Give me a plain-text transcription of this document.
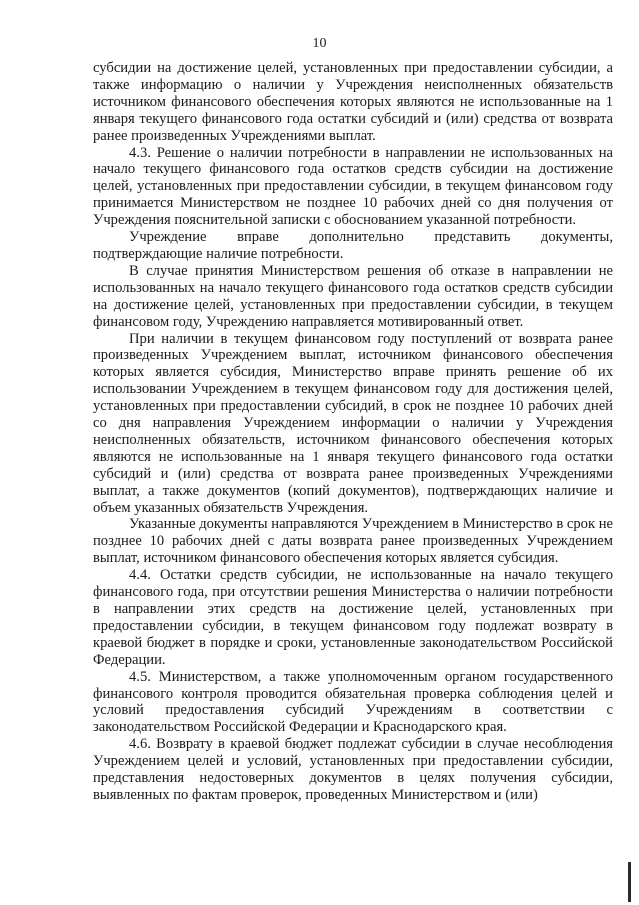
10

субсидии на достижение целей, установленных при предоставлении субсидии, а также информацию о наличии у Учреждения неисполненных обязательств источником финансового обеспечения которых являются не использованные на 1 января текущего финансового года остатки субсидий и (или) средства от возврата ранее произведенных Учреждениями выплат.

4.3. Решение о наличии потребности в направлении не использованных на начало текущего финансового года остатков средств субсидии на достижение целей, установленных при предоставлении субсидии, в текущем финансовом году принимается Министерством не позднее 10 рабочих дней со дня получения от Учреждения пояснительной записки с обоснованием указанной потребности.

Учреждение вправе дополнительно представить документы, подтверждающие наличие потребности.

В случае принятия Министерством решения об отказе в направлении не использованных на начало текущего финансового года остатков средств субсидии на достижение целей, установленных при предоставлении субсидии, в текущем финансовом году, Учреждению направляется мотивированный ответ.

При наличии в текущем финансовом году поступлений от возврата ранее произведенных Учреждением выплат, источником финансового обеспечения которых является субсидия, Министерство вправе принять решение об их использовании Учреждением в текущем финансовом году для достижения целей, установленных при предоставлении субсидий, в срок не позднее 10 рабочих дней со дня направления Учреждением информации о наличии у Учреждения неисполненных обязательств, источником финансового обеспечения которых являются не использованные на 1 января текущего финансового года остатки субсидий и (или) средства от возврата ранее произведенных Учреждениями выплат, а также документов (копий документов), подтверждающих наличие и объем указанных обязательств Учреждения.

Указанные документы направляются Учреждением в Министерство в срок не позднее 10 рабочих дней с даты возврата ранее произведенных Учреждением выплат, источником финансового обеспечения которых является субсидия.

4.4. Остатки средств субсидии, не использованные на начало текущего финансового года, при отсутствии решения Министерства о наличии потребности в направлении этих средств на достижение целей, установленных при предоставлении субсидии, в текущем финансовом году подлежат возврату в краевой бюджет в порядке и сроки, установленные законодательством Российской Федерации.

4.5. Министерством, а также уполномоченным органом государственного финансового контроля проводится обязательная проверка соблюдения целей и условий предоставления субсидий Учреждениям в соответствии с законодательством Российской Федерации и Краснодарского края.

4.6. Возврату в краевой бюджет подлежат субсидии в случае несоблюдения Учреждением целей и условий, установленных при предоставлении субсидии, представления недостоверных документов в целях получения субсидии, выявленных по фактам проверок, проведенных Министерством и (или)
